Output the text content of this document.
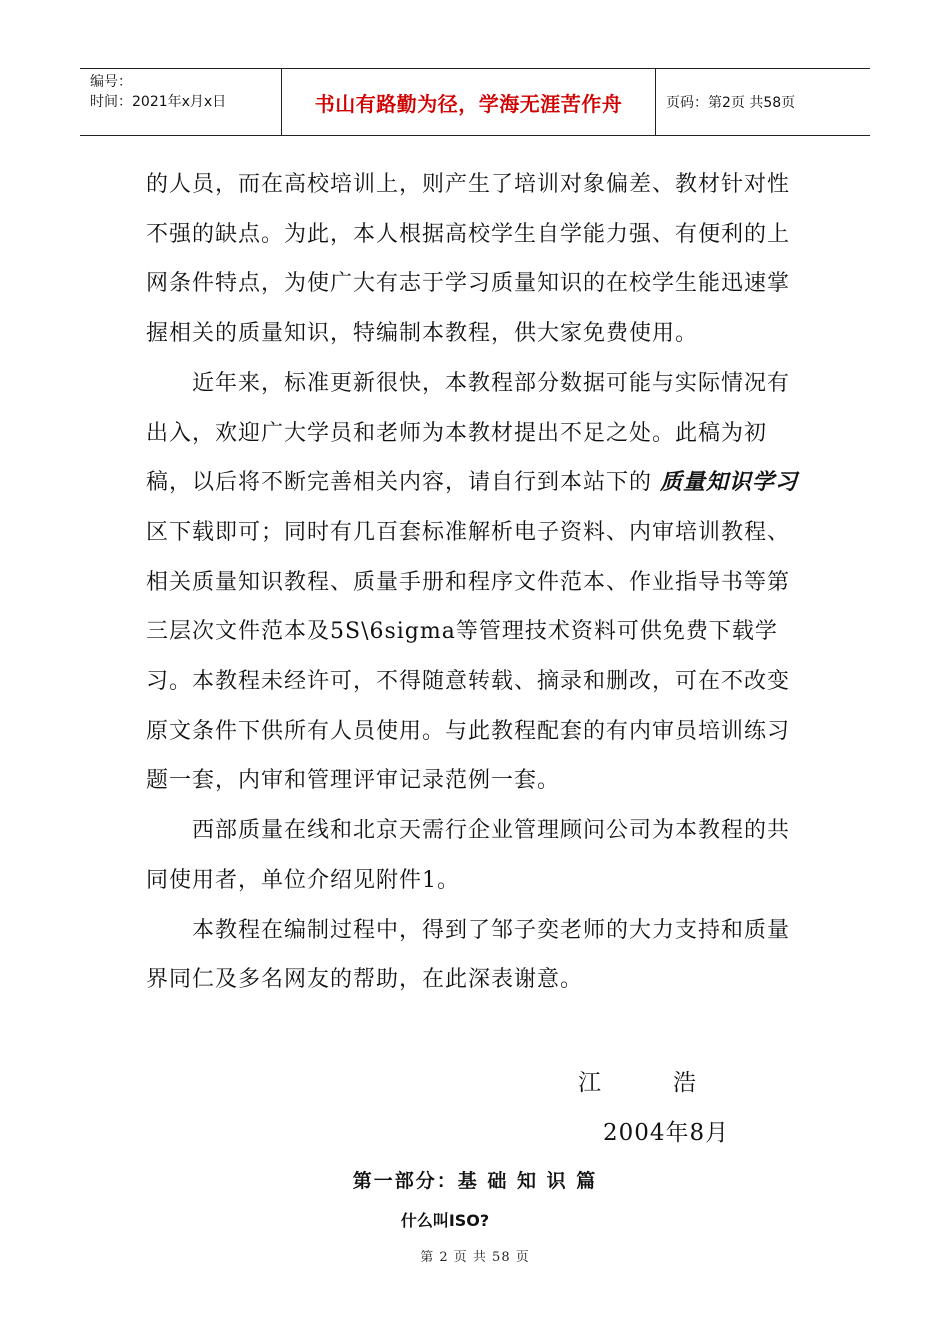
编号：
时间：2021年x月x日	书山有路勤为径，学海无涯苦作舟	页码：第2页 共58页

的人员，而在高校培训上，则产生了培训对象偏差、教材针对性不强的缺点。为此，本人根据高校学生自学能力强、有便利的上网条件特点，为使广大有志于学习质量知识的在校学生能迅速掌握相关的质量知识，特编制本教程，供大家免费使用。

近年来，标准更新很快，本教程部分数据可能与实际情况有出入，欢迎广大学员和老师为本教材提出不足之处。此稿为初稿，以后将不断完善相关内容，请自行到本站下的 质量知识学习 区下载即可；同时有几百套标准解析电子资料、内审培训教程、相关质量知识教程、质量手册和程序文件范本、作业指导书等第三层次文件范本及5S\6sigma等管理技术资料可供免费下载学习。本教程未经许可，不得随意转载、摘录和删改，可在不改变原文条件下供所有人员使用。与此教程配套的有内审员培训练习题一套，内审和管理评审记录范例一套。

西部质量在线和北京天需行企业管理顾问公司为本教程的共同使用者，单位介绍见附件1。

本教程在编制过程中，得到了邹子奕老师的大力支持和质量界同仁及多名网友的帮助，在此深表谢意。

江	浩
2004年8月
第一部分：基 础 知 识 篇
什么叫ISO?
第 2 页 共 58 页
